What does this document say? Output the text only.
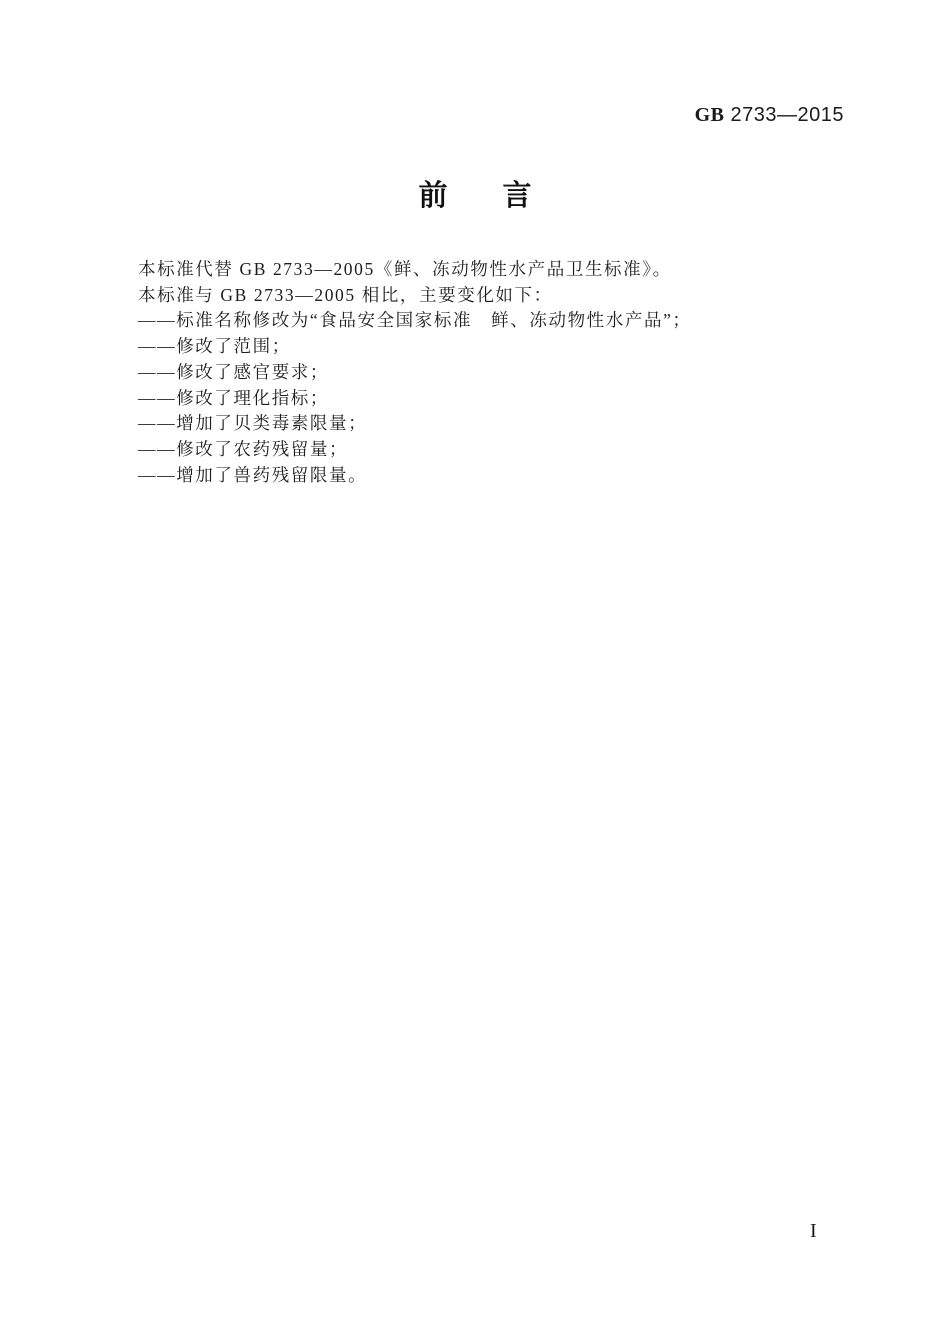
GB 2733—2015
前 言
本标准代替 GB 2733—2005《鲜、冻动物性水产品卫生标准》。
本标准与 GB 2733—2005 相比，主要变化如下：
——标准名称修改为“食品安全国家标准　鲜、冻动物性水产品”；
——修改了范围；
——修改了感官要求；
——修改了理化指标；
——增加了贝类毒素限量；
——修改了农药残留量；
——增加了兽药残留限量。
I
